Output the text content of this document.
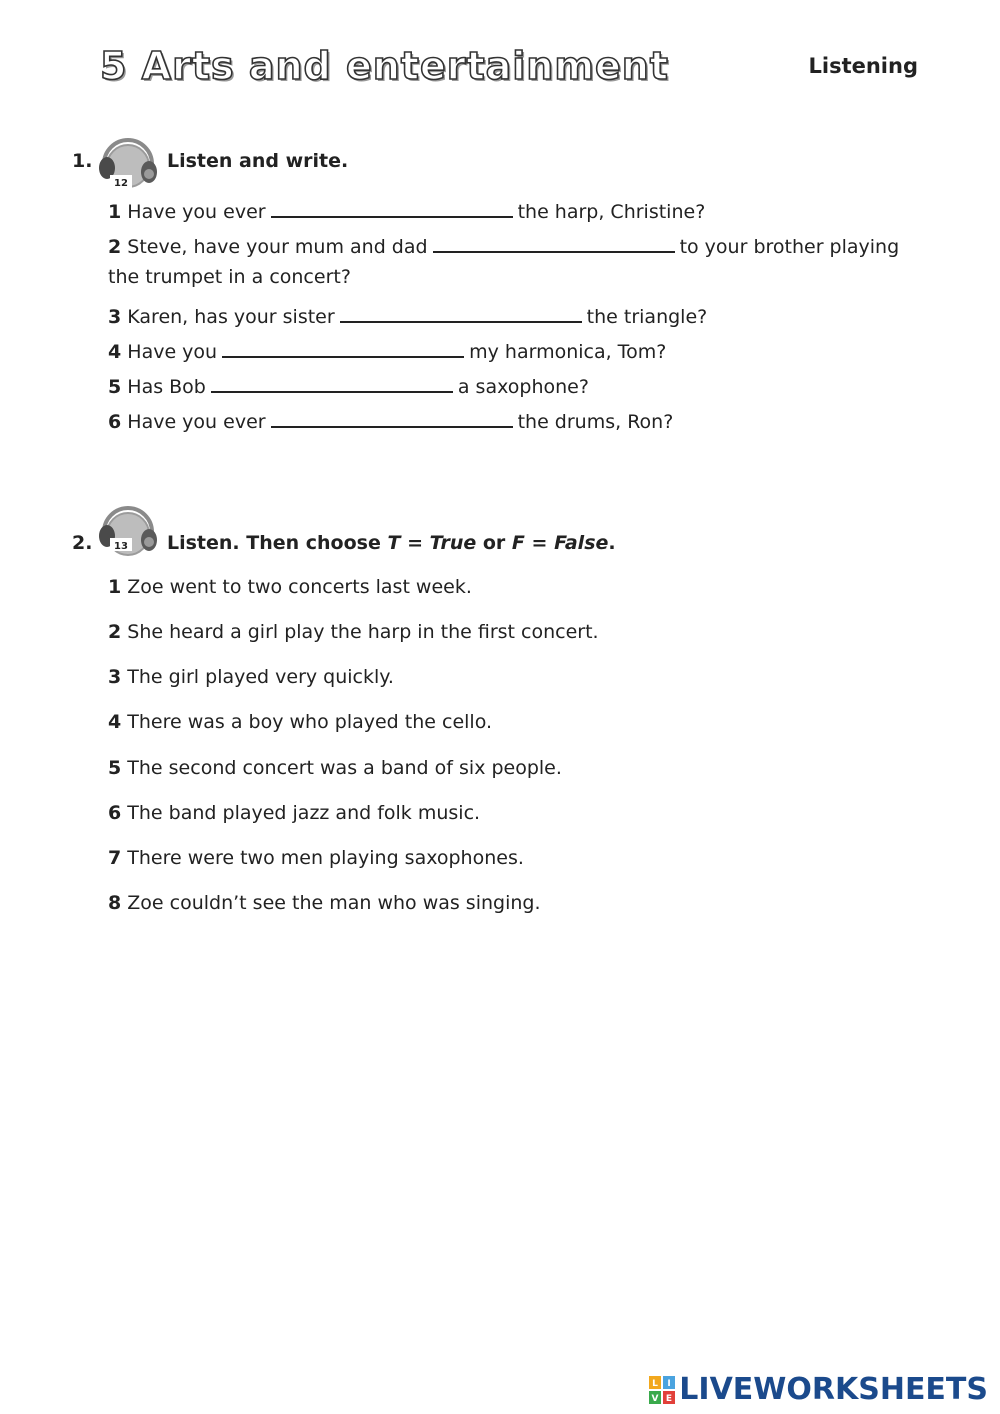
5 Arts and entertainment	Listening
1.
12
Listen and write.
1 Have you ever	the harp, Christine?
2 Steve, have your mum and dad	to your brother playing
the trumpet in a concert?
3 Karen, has your sister	the triangle?
4 Have you	my harmonica, Tom?
5 Has Bob	a saxophone?
6 Have you ever	the drums, Ron?
2. 13 Listen. Then choose T = True or F = False.
1 Zoe went to two concerts last week.
2 She heard a girl play the harp in the first concert.
3 The girl played very quickly.
4 There was a boy who played the cello.
5 The second concert was a band of six people.
6 The band played jazz and folk music.
7 There were two men playing saxophones.
8 Zoe couldn’t see the man who was singing.
L I
V E LIVEWORKSHEETS
